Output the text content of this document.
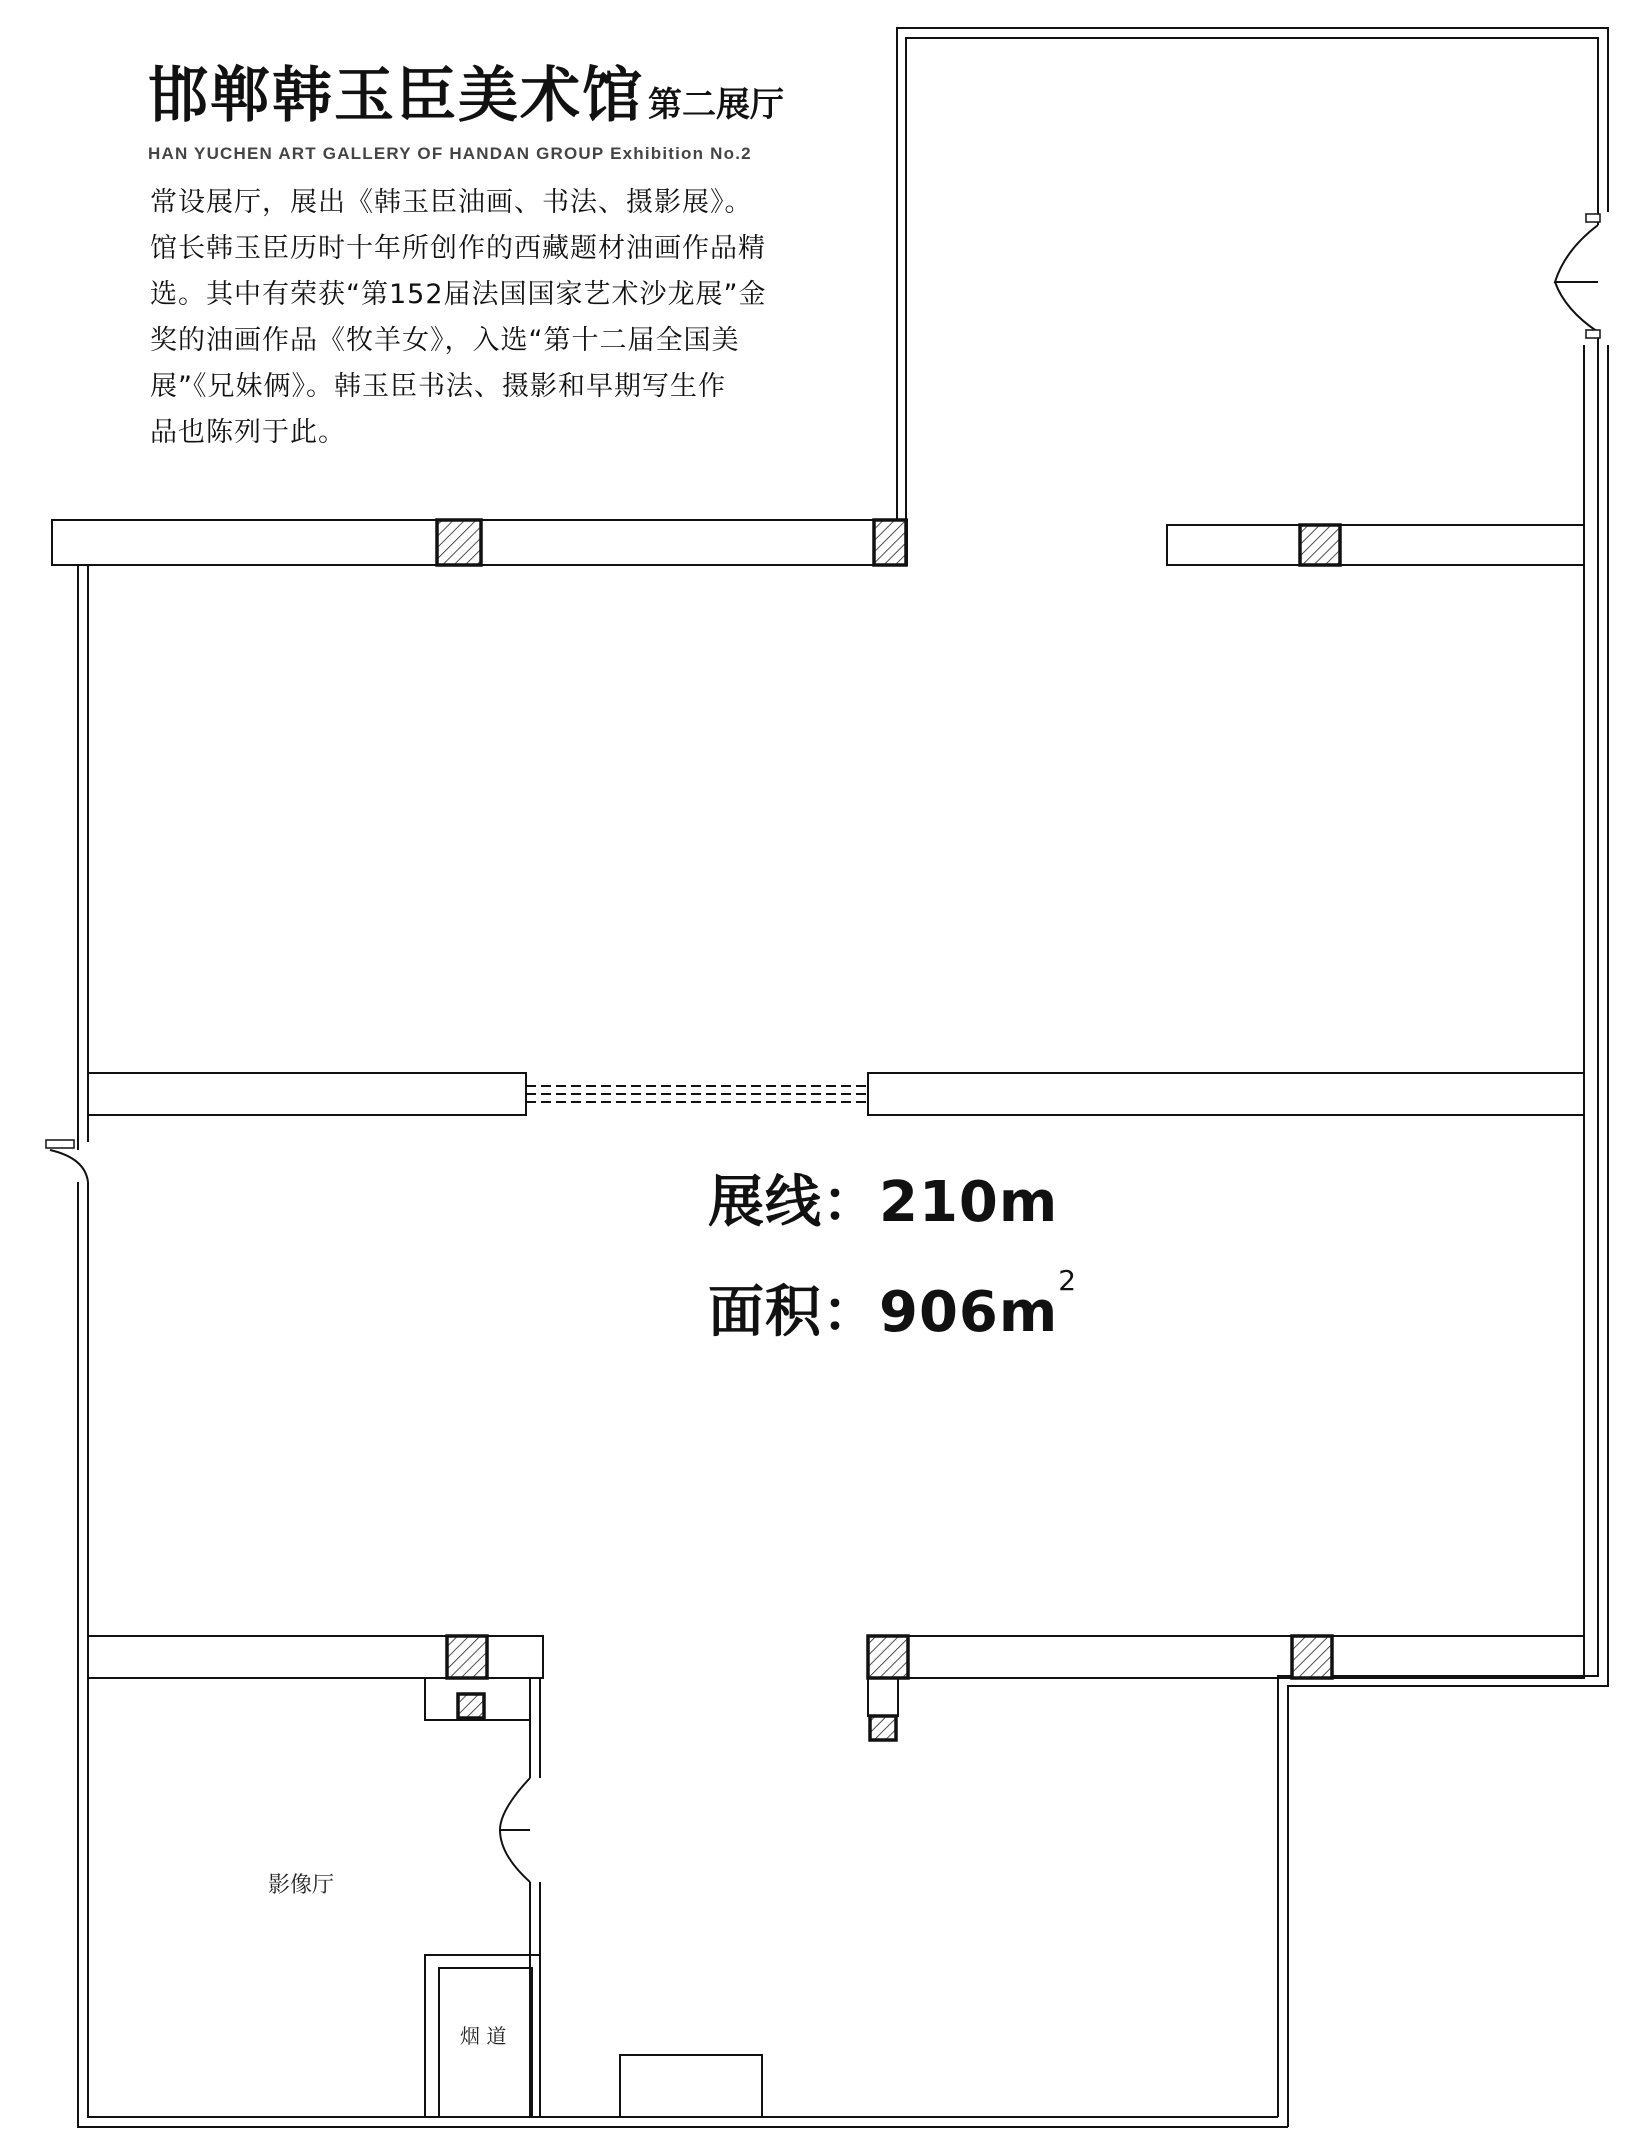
邯郸韩玉臣美术馆 第二展厅
HAN YUCHEN ART GALLERY OF HANDAN GROUP Exhibition No.2
常设展厅，展出《韩玉臣油画、书法、摄影展》。
馆长韩玉臣历时十年所创作的西藏题材油画作品精
选。其中有荣获“第152届法国国家艺术沙龙展”金
奖的油画作品《牧羊女》，入选“第十二届全国美
展”《兄妹俩》。韩玉臣书法、摄影和早期写生作
品也陈列于此。
展线：210m
面积：$906m^2$
影像厅
烟 道
